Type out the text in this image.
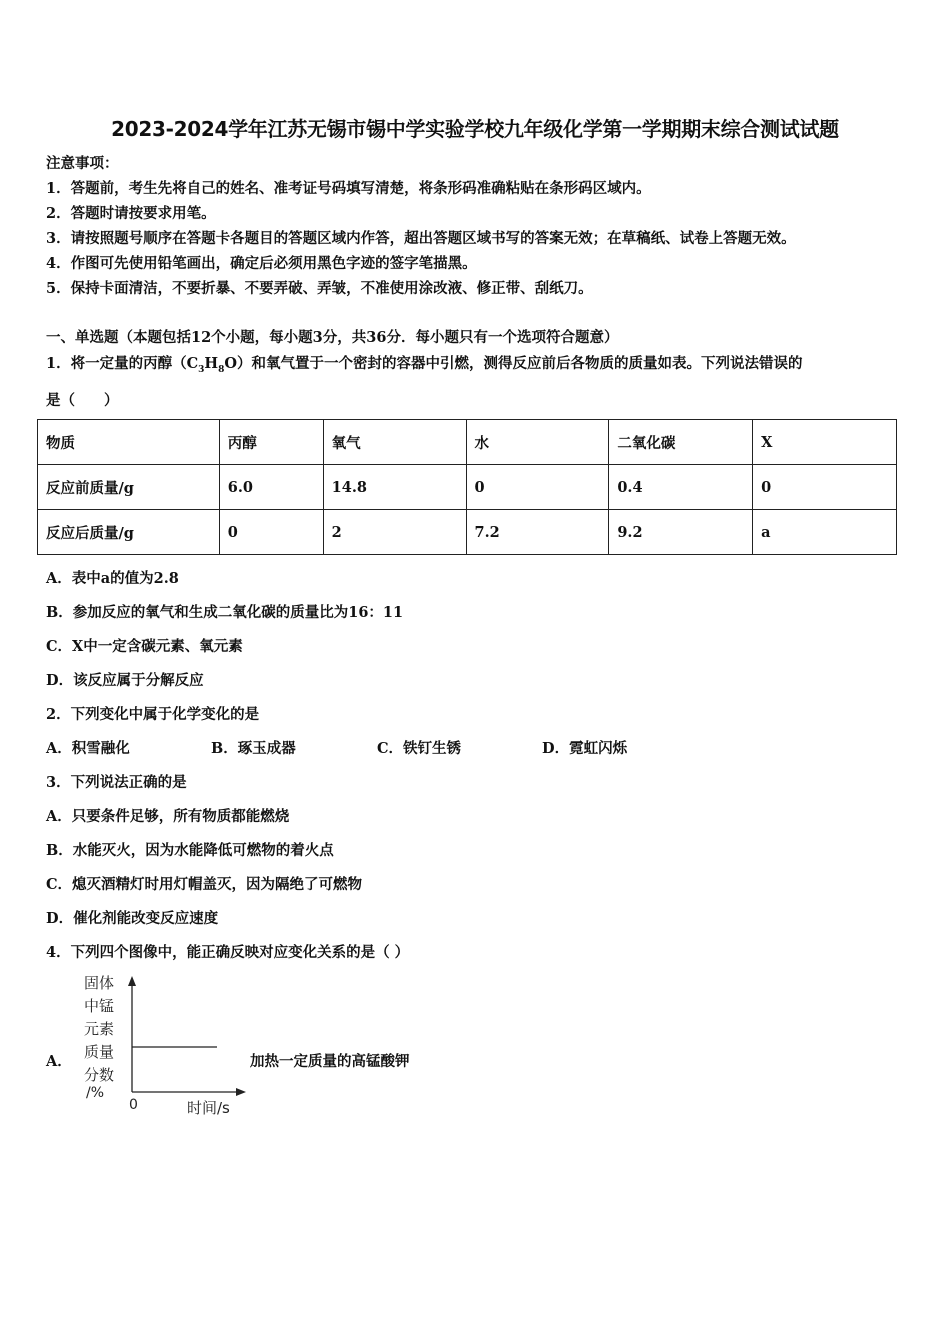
2023-2024学年江苏无锡市锡中学实验学校九年级化学第一学期期末综合测试试题
注意事项：
1．答题前，考生先将自己的姓名、准考证号码填写清楚，将条形码准确粘贴在条形码区域内。
2．答题时请按要求用笔。
3．请按照题号顺序在答题卡各题目的答题区域内作答，超出答题区域书写的答案无效；在草稿纸、试卷上答题无效。
4．作图可先使用铅笔画出，确定后必须用黑色字迹的签字笔描黑。
5．保持卡面清洁，不要折暴、不要弄破、弄皱，不准使用涂改液、修正带、刮纸刀。
一、单选题（本题包括12个小题，每小题3分，共36分．每小题只有一个选项符合题意）
1．将一定量的丙醇$(C_3H_8O)$和氧气置于一个密封的容器中引燃，测得反应前后各物质的质量如表。下列说法错误的
是（　　）
物质	丙醇	氧气	水	二氧化碳	X
反应前质量/g	6.0	14.8	0	0.4	0
反应后质量/g	0	2	7.2	9.2	a
A．表中a的值为2.8
B．参加反应的氧气和生成二氧化碳的质量比为16：11
C．X中一定含碳元素、氧元素
D．该反应属于分解反应
2．下列变化中属于化学变化的是
A．积雪融化	B．琢玉成器	C．铁钉生锈	D．霓虹闪烁
3．下列说法正确的是
A．只要条件足够，所有物质都能燃烧
B．水能灭火，因为水能降低可燃物的着火点
C．熄灭酒精灯时用灯帽盖灭，因为隔绝了可燃物
D．催化剂能改变反应速度
4．下列四个图像中，能正确反映对应变化关系的是（ ）
A．
固体
中锰
元素
质量
分数
/%
0	时间/s
加热一定质量的高锰酸钾
